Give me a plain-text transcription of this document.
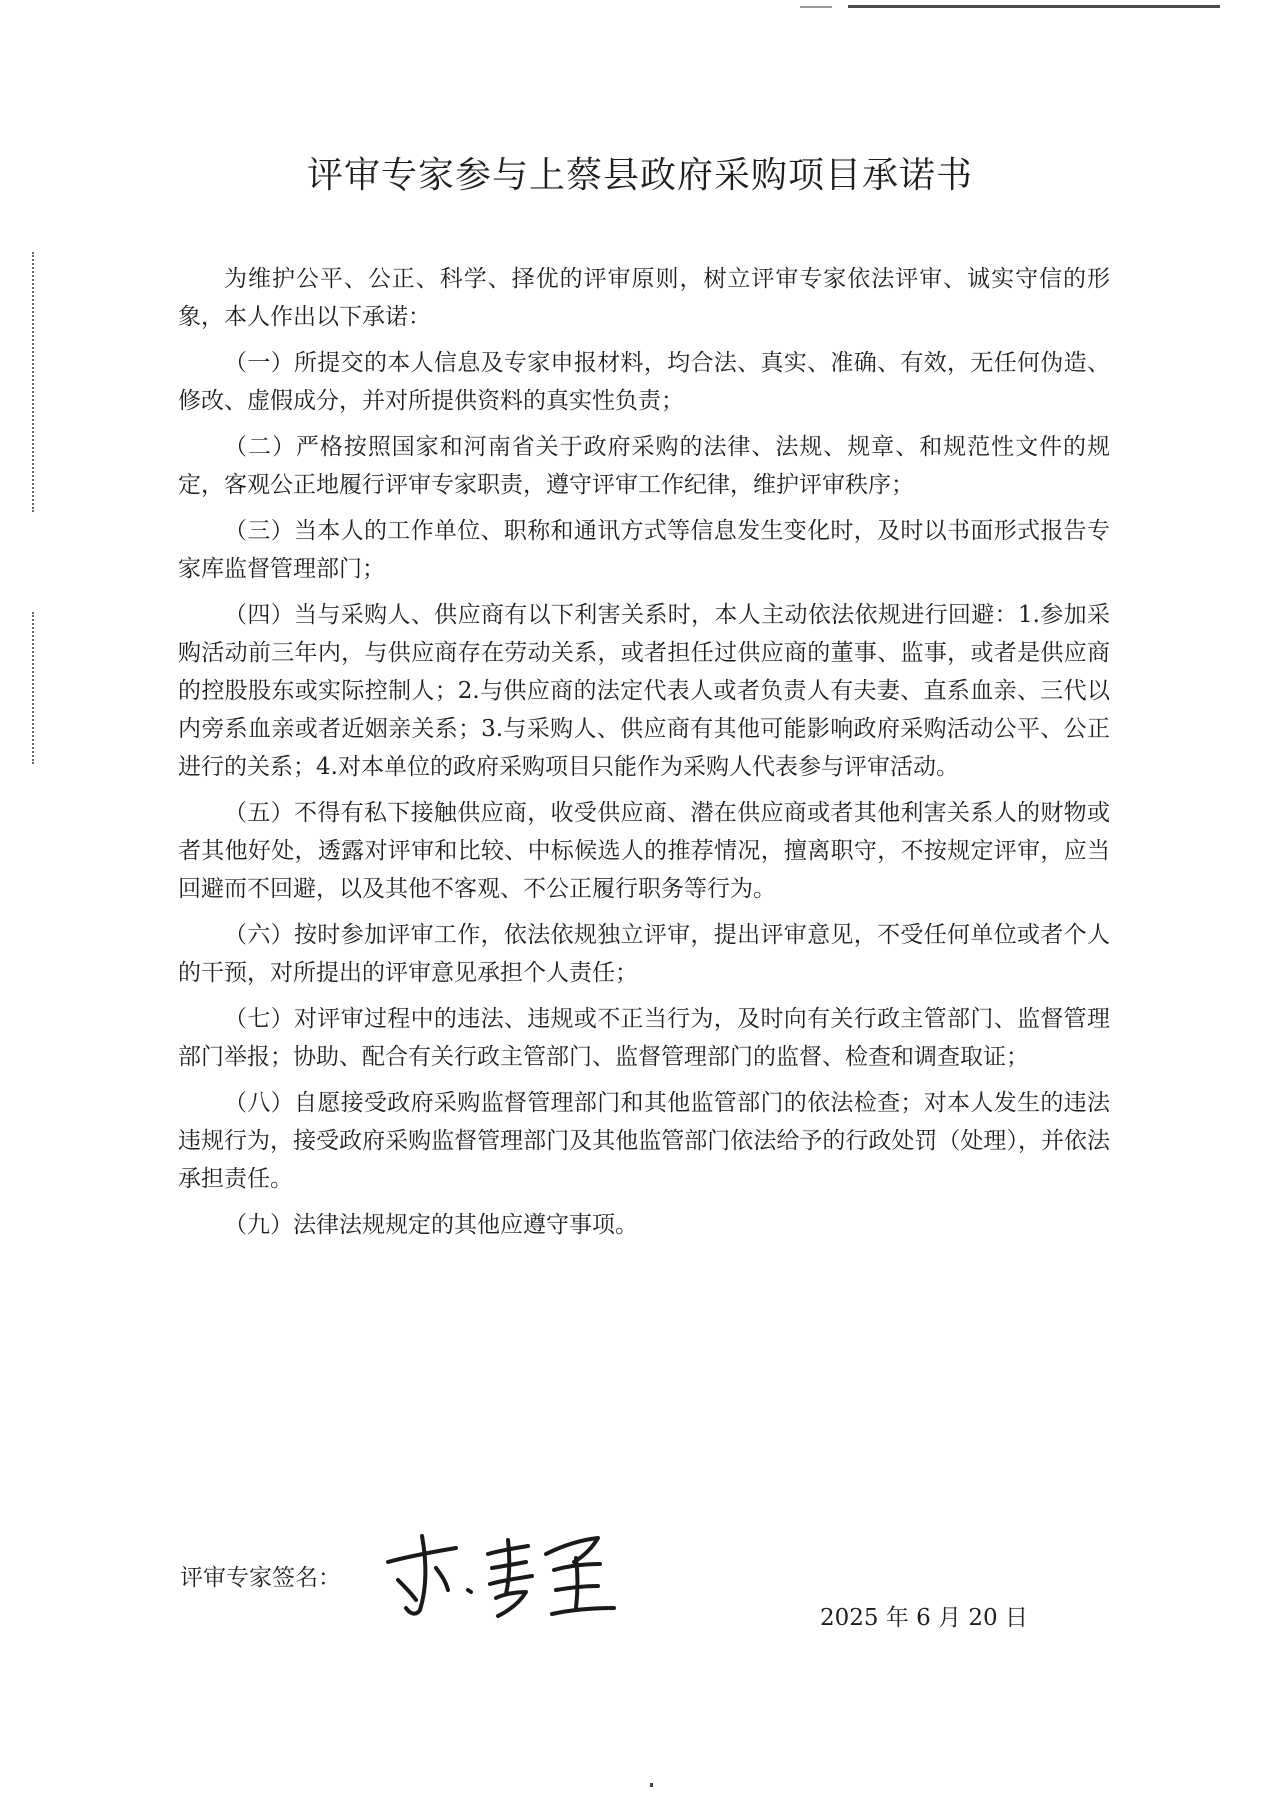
评审专家参与上蔡县政府采购项目承诺书

为维护公平、公正、科学、择优的评审原则，树立评审专家依法评审、诚实守信的形象，本人作出以下承诺：

（一）所提交的本人信息及专家申报材料，均合法、真实、准确、有效，无任何伪造、修改、虚假成分，并对所提供资料的真实性负责；

（二）严格按照国家和河南省关于政府采购的法律、法规、规章、和规范性文件的规定，客观公正地履行评审专家职责，遵守评审工作纪律，维护评审秩序；

（三）当本人的工作单位、职称和通讯方式等信息发生变化时，及时以书面形式报告专家库监督管理部门；

（四）当与采购人、供应商有以下利害关系时，本人主动依法依规进行回避：1.参加采购活动前三年内，与供应商存在劳动关系，或者担任过供应商的董事、监事，或者是供应商的控股股东或实际控制人；2.与供应商的法定代表人或者负责人有夫妻、直系血亲、三代以内旁系血亲或者近姻亲关系；3.与采购人、供应商有其他可能影响政府采购活动公平、公正进行的关系；4.对本单位的政府采购项目只能作为采购人代表参与评审活动。

（五）不得有私下接触供应商，收受供应商、潜在供应商或者其他利害关系人的财物或者其他好处，透露对评审和比较、中标候选人的推荐情况，擅离职守，不按规定评审，应当回避而不回避，以及其他不客观、不公正履行职务等行为。

（六）按时参加评审工作，依法依规独立评审，提出评审意见，不受任何单位或者个人的干预，对所提出的评审意见承担个人责任；

（七）对评审过程中的违法、违规或不正当行为，及时向有关行政主管部门、监督管理部门举报；协助、配合有关行政主管部门、监督管理部门的监督、检查和调查取证；

（八）自愿接受政府采购监督管理部门和其他监管部门的依法检查；对本人发生的违法违规行为，接受政府采购监督管理部门及其他监管部门依法给予的行政处罚（处理），并依法承担责任。

（九）法律法规规定的其他应遵守事项。

评审专家签名：
2025 年 6 月 20 日
